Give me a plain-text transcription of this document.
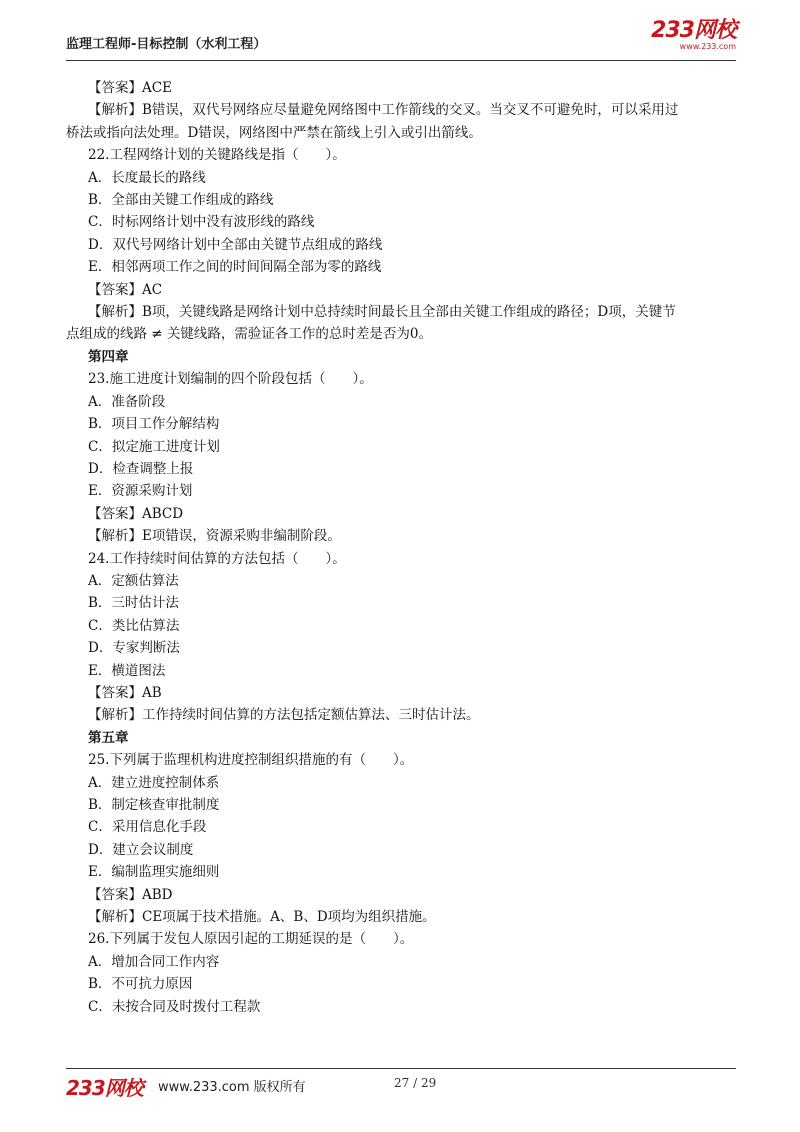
监理工程师-目标控制（水利工程）
233网校
www.233.com
【答案】ACE
【解析】B错误，双代号网络应尽量避免网络图中工作箭线的交叉。当交叉不可避免时，可以采用过
桥法或指向法处理。D错误，网络图中严禁在箭线上引入或引出箭线。
22.工程网络计划的关键路线是指（　　）。
A．长度最长的路线
B．全部由关键工作组成的路线
C．时标网络计划中没有波形线的路线
D．双代号网络计划中全部由关键节点组成的路线
E．相邻两项工作之间的时间间隔全部为零的路线
【答案】AC
【解析】B项，关键线路是网络计划中总持续时间最长且全部由关键工作组成的路径；D项，关键节
点组成的线路 ≠ 关键线路，需验证各工作的总时差是否为0。
第四章
23.施工进度计划编制的四个阶段包括（　　）。
A．准备阶段
B．项目工作分解结构
C．拟定施工进度计划
D．检查调整上报
E．资源采购计划
【答案】ABCD
【解析】E项错误，资源采购非编制阶段。
24.工作持续时间估算的方法包括（　　）。
A．定额估算法
B．三时估计法
C．类比估算法
D．专家判断法
E．横道图法
【答案】AB
【解析】工作持续时间估算的方法包括定额估算法、三时估计法。
第五章
25.下列属于监理机构进度控制组织措施的有（　　）。
A．建立进度控制体系
B．制定核查审批制度
C．采用信息化手段
D．建立会议制度
E．编制监理实施细则
【答案】ABD
【解析】CE项属于技术措施。A、B、D项均为组织措施。
26.下列属于发包人原因引起的工期延误的是（　　）。
A．增加合同工作内容
B．不可抗力原因
C．未按合同及时拨付工程款
233网校 www.233.com 版权所有	27 / 29
